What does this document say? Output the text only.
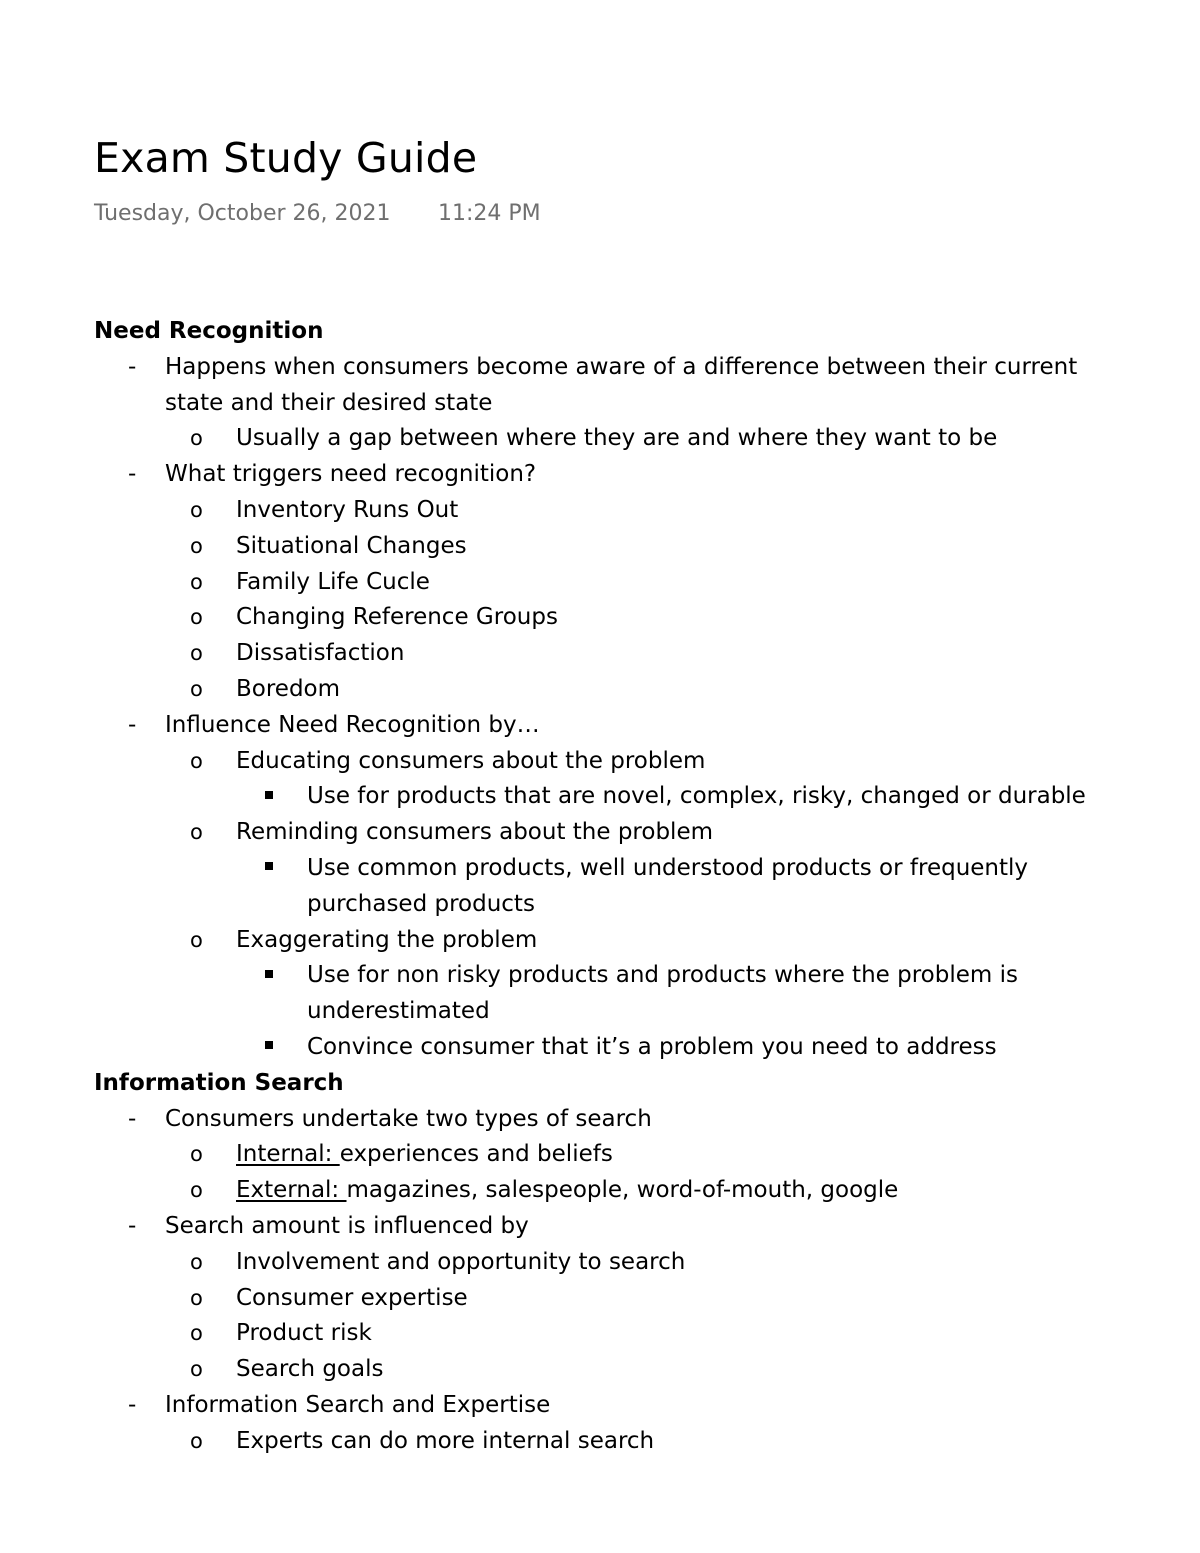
Exam Study Guide
Tuesday, October 26, 2021 11:24 PM
Need Recognition
- Happens when consumers become aware of a difference between their current
state and their desired state
o Usually a gap between where they are and where they want to be
- What triggers need recognition?
o Inventory Runs Out
o Situational Changes
o Family Life Cucle
o Changing Reference Groups
o Dissatisfaction
o Boredom
- Influence Need Recognition by…
o Educating consumers about the problem
Use for products that are novel, complex, risky, changed or durable
o Reminding consumers about the problem
Use common products, well understood products or frequently
purchased products
o Exaggerating the problem
Use for non risky products and products where the problem is
underestimated
Convince consumer that it’s a problem you need to address
Information Search
- Consumers undertake two types of search
o Internal: experiences and beliefs
o External: magazines, salespeople, word-of-mouth, google
- Search amount is influenced by
o Involvement and opportunity to search
o Consumer expertise
o Product risk
o Search goals
- Information Search and Expertise
o Experts can do more internal search
